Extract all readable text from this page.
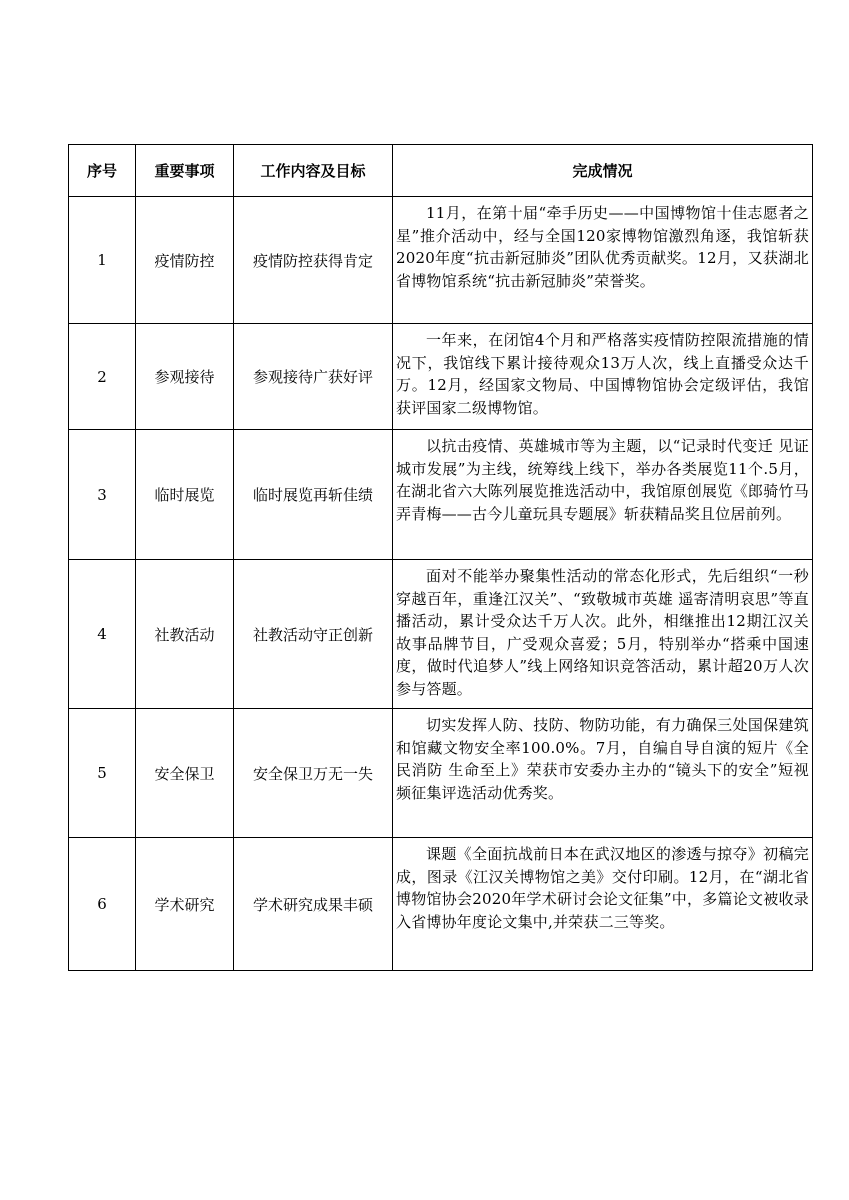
序号	重要事项	工作内容及目标	完成情况
1	疫情防控	疫情防控获得肯定	11月，在第十届“牵手历史——中国博物馆十佳志愿者之星”推介活动中，经与全国120家博物馆激烈角逐，我馆斩获2020年度“抗击新冠肺炎”团队优秀贡献奖。12月，又获湖北省博物馆系统“抗击新冠肺炎”荣誉奖。
2	参观接待	参观接待广获好评	一年来，在闭馆4个月和严格落实疫情防控限流措施的情况下，我馆线下累计接待观众13万人次，线上直播受众达千万。12月，经国家文物局、中国博物馆协会定级评估，我馆获评国家二级博物馆。
3	临时展览	临时展览再斩佳绩	以抗击疫情、英雄城市等为主题，以“记录时代变迁 见证城市发展”为主线，统筹线上线下，举办各类展览11个.5月，在湖北省六大陈列展览推选活动中，我馆原创展览《郎骑竹马弄青梅——古今儿童玩具专题展》斩获精品奖且位居前列。
4	社教活动	社教活动守正创新	面对不能举办聚集性活动的常态化形式，先后组织“一秒穿越百年，重逢江汉关”、“致敬城市英雄 遥寄清明哀思”等直播活动，累计受众达千万人次。此外，相继推出12期江汉关故事品牌节目，广受观众喜爱；5月，特别举办“搭乘中国速度，做时代追梦人”线上网络知识竞答活动，累计超20万人次参与答题。
5	安全保卫	安全保卫万无一失	切实发挥人防、技防、物防功能，有力确保三处国保建筑和馆藏文物安全率100.0%。7月，自编自导自演的短片《全民消防 生命至上》荣获市安委办主办的“镜头下的安全”短视频征集评选活动优秀奖。
6	学术研究	学术研究成果丰硕	课题《全面抗战前日本在武汉地区的渗透与掠夺》初稿完成，图录《江汉关博物馆之美》交付印刷。12月，在“湖北省博物馆协会2020年学术研讨会论文征集”中，多篇论文被收录入省博协年度论文集中,并荣获二三等奖。
